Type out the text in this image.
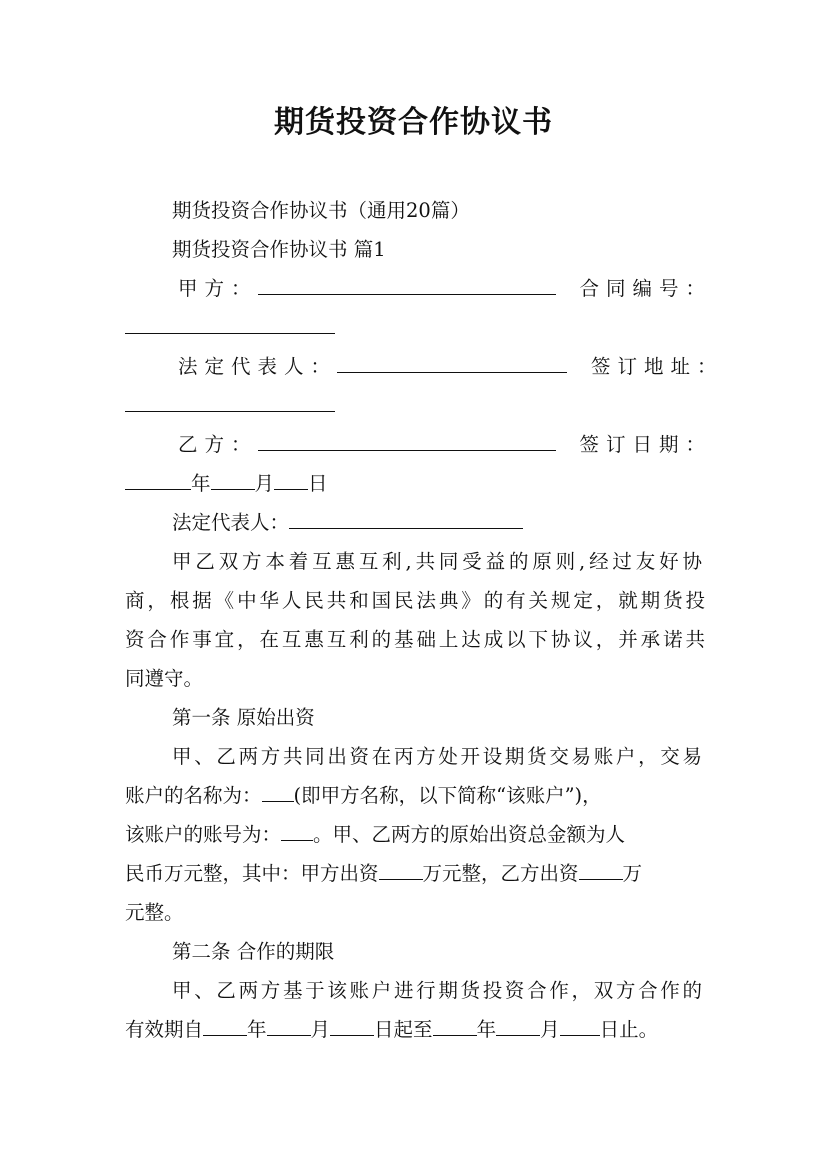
期货投资合作协议书
期货投资合作协议书（通用20篇）
期货投资合作协议书 篇1
甲方：	合同编号：
法定代表人：	签订地址：
乙方：	签订日期：
年 月 日
法定代表人：
甲乙双方本着互惠互利,共同受益的原则,经过友好协
商，根据《中华人民共和国民法典》的有关规定，就期货投
资合作事宜，在互惠互利的基础上达成以下协议，并承诺共
同遵守。
第一条 原始出资
甲、乙两方共同出资在丙方处开设期货交易账户，交易
账户的名称为： (即甲方名称，以下简称“该账户”)，
该账户的账号为： 。甲、乙两方的原始出资总金额为人
民币万元整，其中：甲方出资 万元整，乙方出资 万
元整。
第二条 合作的期限
甲、乙两方基于该账户进行期货投资合作，双方合作的
有效期自 年 月 日起至 年 月 日止。
